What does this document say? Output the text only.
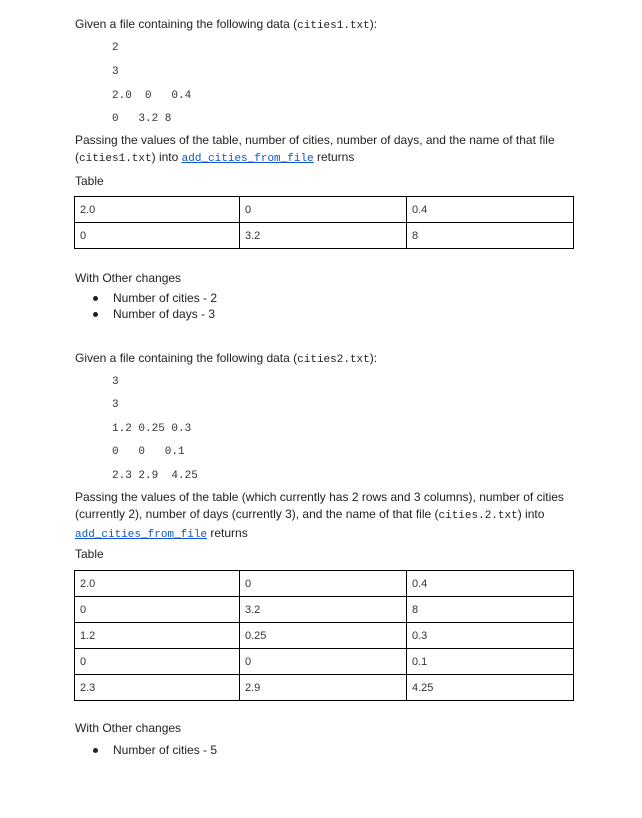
Given a file containing the following data (cities1.txt):
2
3
2.0  0   0.4
0   3.2 8
Passing the values of the table, number of cities, number of days, and the name of that file (cities1.txt) into add_cities_from_file returns
Table
2.0	0	0.4
0	3.2	8
With Other changes
Number of cities - 2
Number of days - 3
Given a file containing the following data (cities2.txt):
3
3
1.2 0.25 0.3
0   0   0.1
2.3 2.9  4.25
Passing the values of the table (which currently has 2 rows and 3 columns), number of cities (currently 2), number of days (currently 3), and the name of that file (cities.2.txt) into add_cities_from_file returns
Table
2.0	0	0.4
0	3.2	8
1.2	0.25	0.3
0	0	0.1
2.3	2.9	4.25
With Other changes
Number of cities - 5
